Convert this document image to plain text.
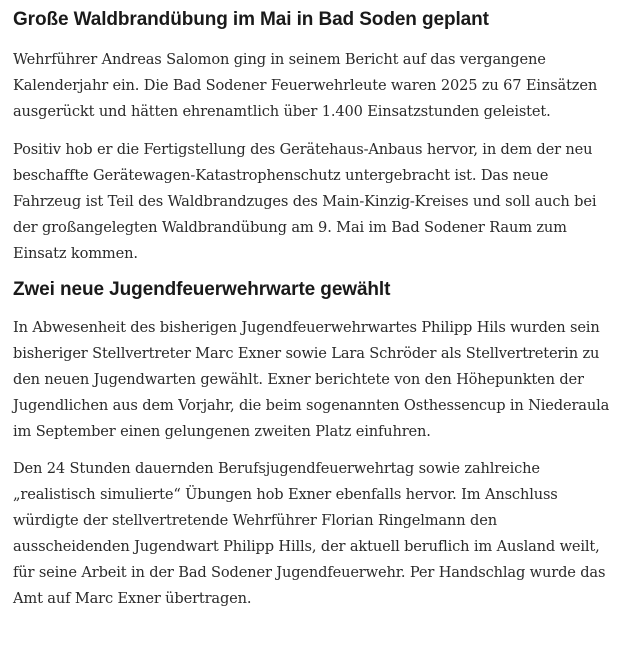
Große Waldbrandübung im Mai in Bad Soden geplant

Wehrführer Andreas Salomon ging in seinem Bericht auf das vergangene Kalenderjahr ein. Die Bad Sodener Feuerwehrleute waren 2025 zu 67 Einsätzen ausgerückt und hätten ehrenamtlich über 1.400 Einsatzstunden geleistet.

Positiv hob er die Fertigstellung des Gerätehaus-Anbaus hervor, in dem der neu beschaffte Gerätewagen-Katastrophenschutz untergebracht ist. Das neue Fahrzeug ist Teil des Waldbrandzuges des Main-Kinzig-Kreises und soll auch bei der großangelegten Waldbrandübung am 9. Mai im Bad Sodener Raum zum Einsatz kommen.

Zwei neue Jugendfeuerwehrwarte gewählt

In Abwesenheit des bisherigen Jugendfeuerwehrwartes Philipp Hils wurden sein bisheriger Stellvertreter Marc Exner sowie Lara Schröder als Stellvertreterin zu den neuen Jugendwarten gewählt. Exner berichtete von den Höhepunkten der Jugendlichen aus dem Vorjahr, die beim sogenannten Osthessencup in Niederaula im September einen gelungenen zweiten Platz einfuhren.

Den 24 Stunden dauernden Berufsjugendfeuerwehrtag sowie zahlreiche „realistisch simulierte“ Übungen hob Exner ebenfalls hervor. Im Anschluss würdigte der stellvertretende Wehrführer Florian Ringelmann den ausscheidenden Jugendwart Philipp Hills, der aktuell beruflich im Ausland weilt, für seine Arbeit in der Bad Sodener Jugendfeuerwehr. Per Handschlag wurde das Amt auf Marc Exner übertragen.
